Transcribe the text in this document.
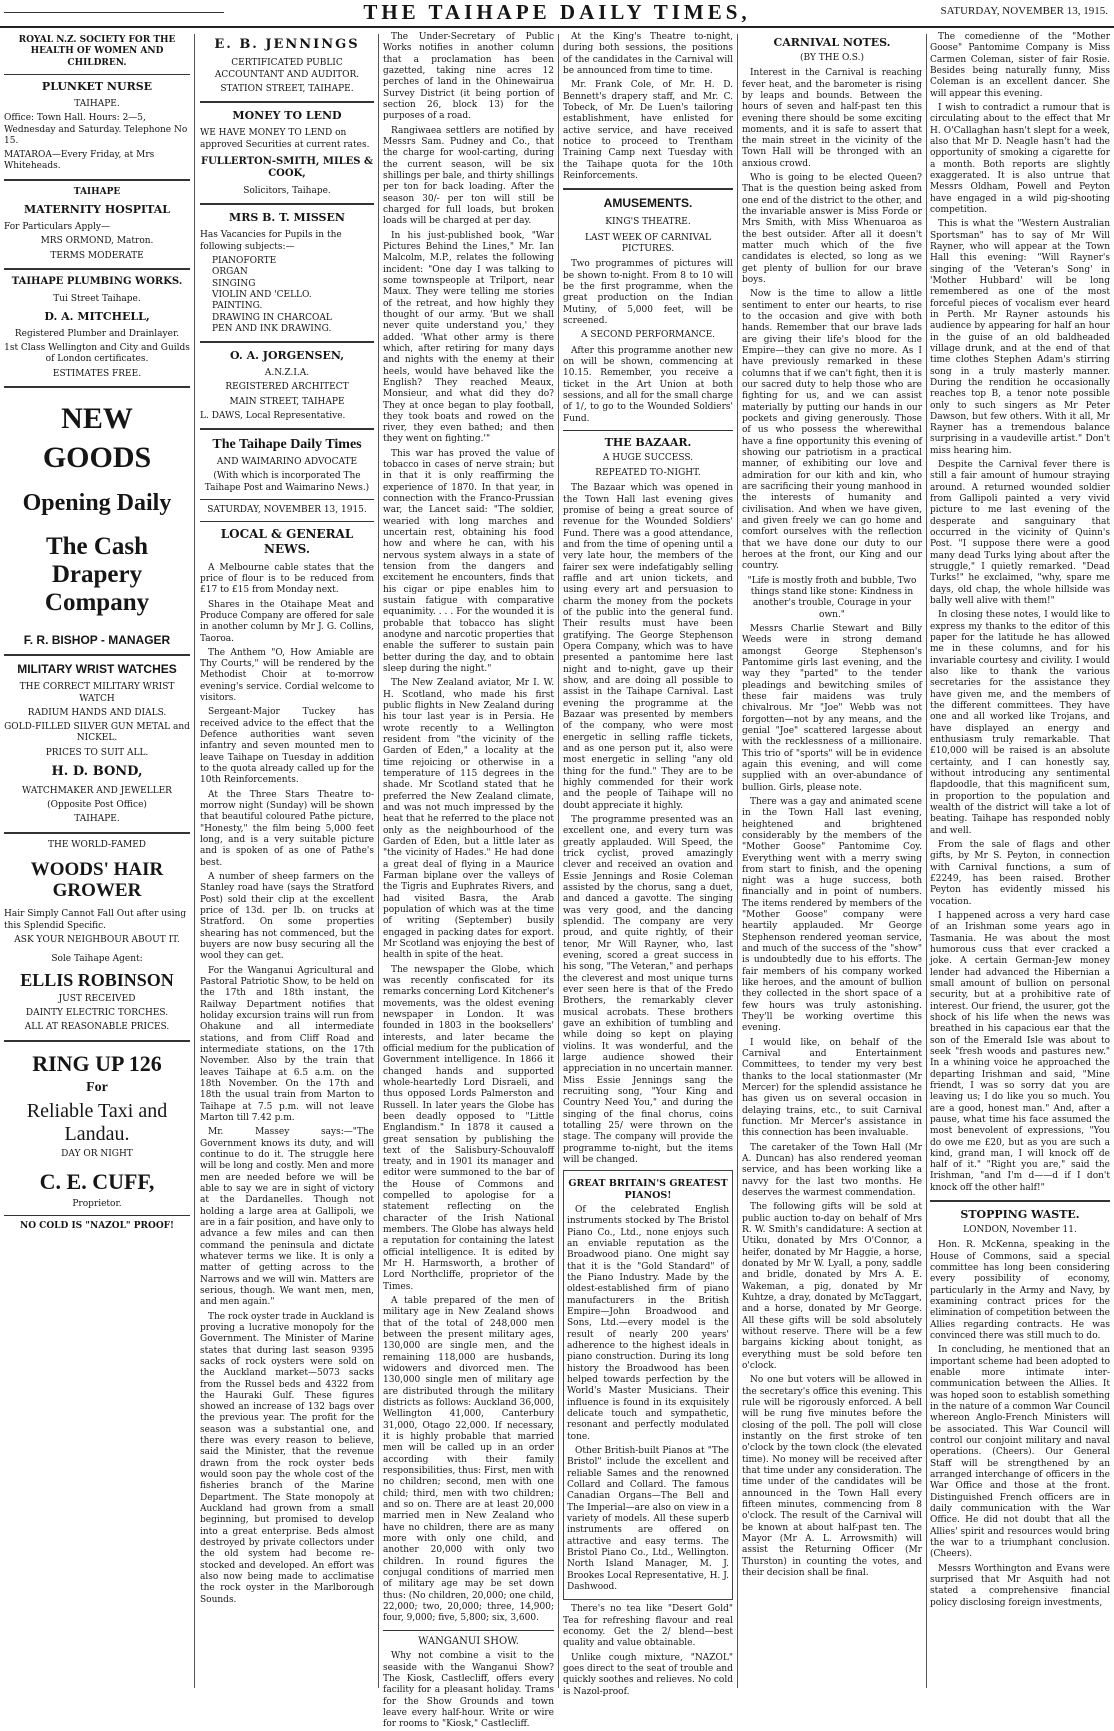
THE TAIHAPE DAILY TIMES,	SATURDAY, NOVEMBER 13, 1915.
ROYAL N.Z. SOCIETY FOR THE HEALTH OF WOMEN AND CHILDREN.
PLUNKET NURSE
TAIHAPE.

Office: Town Hall. Hours: 2—5, Wednesday and Saturday. Telephone No 15.

MATAROA—Every Friday, at Mrs Whiteheads.

TAIHAPE
MATERNITY HOSPITAL

For Particulars Apply—

MRS ORMOND, Matron.
TERMS MODERATE
TAIHAPE PLUMBING WORKS.
Tui Street Taihape.
D. A. MITCHELL,
Registered Plumber and Drainlayer.
1st Class Wellington and City and Guilds of London certificates.
ESTIMATES FREE.
NEW
GOODS
Opening Daily
The Cash Drapery Company
F. R. BISHOP - MANAGER
MILITARY WRIST WATCHES
THE CORRECT MILITARY WRIST WATCH
RADIUM HANDS AND DIALS.
GOLD-FILLED SILVER GUN METAL and NICKEL.
PRICES TO SUIT ALL.
H. D. BOND,
WATCHMAKER AND JEWELLER
(Opposite Post Office)
TAIHAPE.
THE WORLD-FAMED
WOODS' HAIR GROWER

Hair Simply Cannot Fall Out after using this Splendid Specific.

ASK YOUR NEIGHBOUR ABOUT IT.
Sole Taihape Agent:
ELLIS ROBINSON
JUST RECEIVED
DAINTY ELECTRIC TORCHES.
ALL AT REASONABLE PRICES.
RING UP 126
For
Reliable Taxi and Landau.
DAY OR NIGHT
C. E. CUFF,
Proprietor.
NO COLD IS "NAZOL" PROOF!
E. B. JENNINGS
CERTIFICATED PUBLIC ACCOUNTANT AND AUDITOR.
STATION STREET, TAIHAPE.
MONEY TO LEND

WE HAVE MONEY TO LEND on approved Securities at current rates.

FULLERTON-SMITH, MILES & COOK,
Solicitors, Taihape.
MRS B. T. MISSEN

Has Vacancies for Pupils in the following subjects:—

PIANOFORTE
ORGAN
SINGING
VIOLIN AND 'CELLO.
PAINTING.
DRAWING IN CHARCOAL
PEN AND INK DRAWING.
O. A. JORGENSEN,
A.N.Z.I.A.
REGISTERED ARCHITECT
MAIN STREET, TAIHAPE

L. DAWS, Local Representative.

The Taihape Daily Times
AND WAIMARINO ADVOCATE
(With which is incorporated The Taihape Post and Waimarino News.)
SATURDAY, NOVEMBER 13, 1915.
LOCAL & GENERAL NEWS.

A Melbourne cable states that the price of flour is to be reduced from £17 to £15 from Monday next.

Shares in the Otaihape Meat and Produce Company are offered for sale in another column by Mr J. G. Collins, Taoroa.

The Anthem "O, How Amiable are Thy Courts," will be rendered by the Methodist Choir at to-morrow evening's service. Cordial welcome to visitors.

Sergeant-Major Tuckey has received advice to the effect that the Defence authorities want seven infantry and seven mounted men to leave Taihape on Tuesday in addition to the quota already called up for the 10th Reinforcements.

At the Three Stars Theatre to-morrow night (Sunday) will be shown that beautiful coloured Pathe picture, "Honesty," the film being 5,000 feet long, and is a very suitable picture and is spoken of as one of Pathe's best.

A number of sheep farmers on the Stanley road have (says the Stratford Post) sold their clip at the excellent price of 13d. per lb. on trucks at Stratford. On some properties shearing has not commenced, but the buyers are now busy securing all the wool they can get.

For the Wanganui Agricultural and Pastoral Patriotic Show, to be held on the 17th and 18th instant, the Railway Department notifies that holiday excursion trains will run from Ohakune and all intermediate stations, and from Cliff Road and intermediate stations, on the 17th November. Also by the train that leaves Taihape at 6.5 a.m. on the 18th November. On the 17th and 18th the usual train from Marton to Taihape at 7.5 p.m. will not leave Marton till 7.42 p.m.

Mr. Massey says:—"The Government knows its duty, and will continue to do it. The struggle here will be long and costly. Men and more men are needed before we will be able to say we are in sight of victory at the Dardanelles. Though not holding a large area at Gallipoli, we are in a fair position, and have only to advance a few miles and can then command the peninsula and dictate whatever terms we like. It is only a matter of getting across to the Narrows and we will win. Matters are serious, though. We want men, men, and men again."

The rock oyster trade in Auckland is proving a lucrative monopoly for the Government. The Minister of Marine states that during last season 9395 sacks of rock oysters were sold on the Auckland market—5073 sacks from the Russel beds and 4322 from the Hauraki Gulf. These figures showed an increase of 132 bags over the previous year. The profit for the season was a substantial one, and there was every reason to believe, said the Minister, that the revenue drawn from the rock oyster beds would soon pay the whole cost of the fisheries branch of the Marine Department. The State monopoly at Auckland had grown from a small beginning, but promised to develop into a great enterprise. Beds almost destroyed by private collectors under the old system had become re-stocked and developed. An effort was also now being made to acclimatise the rock oyster in the Marlborough Sounds.

The Under-Secretary of Public Works notifies in another column that a proclamation has been gazetted, taking nine acres 12 perches of land in the Ohinewairua Survey District (it being portion of section 26, block 13) for the purposes of a road.

Rangiwaea settlers are notified by Messrs Sam. Pudney and Co., that the charge for wool-carting, during the current season, will be six shillings per bale, and thirty shillings per ton for back loading. After the season 30/- per ton will still be charged for full loads, but broken loads will be charged at per day.

In his just-published book, "War Pictures Behind the Lines," Mr. Ian Malcolm, M.P., relates the following incident: "One day I was talking to some townspeople at Trilport, near Maux. They were telling me stories of the retreat, and how highly they thought of our army. 'But we shall never quite understand you,' they added. 'What other army is there which, after retiring for many days and nights with the enemy at their heels, would have behaved like the English? They reached Meaux, Monsieur, and what did they do? They at once began to play football, they took boats and rowed on the river, they even bathed; and then they went on fighting.'"

This war has proved the value of tobacco in cases of nerve strain; but in that it is only reaffirming the experience of 1870. In that year, in connection with the Franco-Prussian war, the Lancet said: "The soldier, wearied with long marches and uncertain rest, obtaining his food how and where he can, with his nervous system always in a state of tension from the dangers and excitement he encounters, finds that his cigar or pipe enables him to sustain fatigue with comparative equanimity. . . . For the wounded it is probable that tobacco has slight anodyne and narcotic properties that enable the sufferer to sustain pain better during the day, and to obtain sleep during the night."

The New Zealand aviator, Mr I. W. H. Scotland, who made his first public flights in New Zealand during his tour last year is in Persia. He wrote recently to a Wellington resident from "the vicinity of the Garden of Eden," a locality at the time rejoicing or otherwise in a temperature of 115 degrees in the shade. Mr Scotland stated that he preferred the New Zealand climate, and was not much impressed by the heat that he referred to the place not only as the neighbourhood of the Garden of Eden, but a little later as "the vicinity of Hades." He had done a great deal of flying in a Maurice Farman biplane over the valleys of the Tigris and Euphrates Rivers, and had visited Basra, the Arab population of which was at the time of writing (September) busily engaged in packing dates for export. Mr Scotland was enjoying the best of health in spite of the heat.

The newspaper the Globe, which was recently confiscated for its remarks concerning Lord Kitchener's movements, was the oldest evening newspaper in London. It was founded in 1803 in the booksellers' interests, and later became the official medium for the publication of Government intelligence. In 1866 it changed hands and supported whole-heartedly Lord Disraeli, and thus opposed Lords Palmerston and Russell. In later years the Globe has been deadly opposed to "Little Englandism." In 1878 it caused a great sensation by publishing the text of the Salisbury-Schouvaloff treaty, and in 1901 its manager and editor were summoned to the bar of the House of Commons and compelled to apologise for a statement reflecting on the character of the Irish National members. The Globe has always held a reputation for containing the latest official intelligence. It is edited by Mr H. Harmsworth, a brother of Lord Northcliffe, proprietor of the Times.

A table prepared of the men of military age in New Zealand shows that of the total of 248,000 men between the present military ages, 130,000 are single men, and the remaining 118,000 are husbands, widowers and divorced men. The 130,000 single men of military age are distributed through the military districts as follows: Auckland 36,000, Wellington 41,000, Canterbury 31,000, Otago 22,000. If necessary, it is highly probable that married men will be called up in an order according with their family responsibilities, thus: First, men with no children; second, men with one child; third, men with two children; and so on. There are at least 20,000 married men in New Zealand who have no children, there are as many more with only one child, and another 20,000 with only two children. In round figures the conjugal conditions of married men of military age may be set down thus: (No children, 20,000; one child, 22,000; two, 20,000; three, 14,900; four, 9,000; five, 5,800; six, 3,600.

WANGANUI SHOW.

Why not combine a visit to the seaside with the Wanganui Show? The Kiosk, Castlecliff, offers every facility for a pleasant holiday. Trams for the Show Grounds and town leave every half-hour. Write or wire for rooms to "Kiosk," Castlecliff.

At the King's Theatre to-night, during both sessions, the positions of the candidates in the Carnival will be announced from time to time.

Mr. Frank Cole, of Mr. H. D. Bennett's drapery staff, and Mr. C. Tobeck, of Mr. De Luen's tailoring establishment, have enlisted for active service, and have received notice to proceed to Trentham Training Camp next Tuesday with the Taihape quota for the 10th Reinforcements.

AMUSEMENTS.
KING'S THEATRE.
LAST WEEK OF CARNIVAL PICTURES.

Two programmes of pictures will be shown to-night. From 8 to 10 will be the first programme, when the great production on the Indian Mutiny, of 5,000 feet, will be screened.

A SECOND PERFORMANCE.

After this programme another new on will be shown, commencing at 10.15. Remember, you receive a ticket in the Art Union at both sessions, and all for the small charge of 1/, to go to the Wounded Soldiers' Fund.

THE BAZAAR.
A HUGE SUCCESS.
REPEATED TO-NIGHT.

The Bazaar which was opened in the Town Hall last evening gives promise of being a great source of revenue for the Wounded Soldiers' Fund. There was a good attendance, and from the time of opening until a very late hour, the members of the fairer sex were indefatigably selling raffle and art union tickets, and using every art and persuasion to charm the money from the pockets of the public into the general fund. Their results must have been gratifying. The George Stephenson Opera Company, which was to have presented a pantomime here last night and to-night, gave up their show, and are doing all possible to assist in the Taihape Carnival. Last evening the programme at the Bazaar was presented by members of the company, who were most energetic in selling raffle tickets, and as one person put it, also were most energetic in selling "any old thing for the fund." They are to be highly commended for their work and the people of Taihape will no doubt appreciate it highly.

The programme presented was an excellent one, and every turn was greatly applauded. Will Speed, the trick cyclist, proved amazingly clever and received an ovation and Essie Jennings and Rosie Coleman assisted by the chorus, sang a duet, and danced a gavotte. The singing was very good, and the dancing splendid. The company are very proud, and quite rightly, of their tenor, Mr Will Rayner, who, last evening, scored a great success in his song, "The Veteran," and perhaps the cleverest and most unique turns ever seen here is that of the Fredo Brothers, the remarkably clever musical acrobats. These brothers gave an exhibition of tumbling and while doing so kept on playing violins. It was wonderful, and the large audience showed their appreciation in no uncertain manner. Miss Essie Jennings sang the recruiting song, "Your King and Country Need You," and during the singing of the final chorus, coins totalling 25/ were thrown on the stage. The company will provide the programme to-night, but the items will be changed.

GREAT BRITAIN'S GREATEST PIANOS!

Of the celebrated English instruments stocked by The Bristol Piano Co., Ltd., none enjoys such an enviable reputation as the Broadwood piano. One might say that it is the "Gold Standard" of the Piano Industry. Made by the oldest-established firm of piano manufacturers in the British Empire—John Broadwood and Sons, Ltd.—every model is the result of nearly 200 years' adherence to the highest ideals in piano construction. During its long history the Broadwood has been helped towards perfection by the World's Master Musicians. Their influence is found in its exquisitely delicate touch and sympathetic, resonant and perfectly modulated tone.

Other British-built Pianos at "The Bristol" include the excellent and reliable Sames and the renowned Collard and Collard. The famous Canadian Organs—The Bell and The Imperial—are also on view in a variety of models. All these superb instruments are offered on attractive and easy terms. The Bristol Piano Co., Ltd., Wellington. North Island Manager, M. J. Brookes Local Representative, H. J. Dashwood.

There's no tea like "Desert Gold" Tea for refreshing flavour and real economy. Get the 2/ blend—best quality and value obtainable.

Unlike cough mixture, "NAZOL" goes direct to the seat of trouble and quickly soothes and relieves. No cold is Nazol-proof.

CARNIVAL NOTES.
(BY THE O.S.)

Interest in the Carnival is reaching fever heat, and the barometer is rising by leaps and bounds. Between the hours of seven and half-past ten this evening there should be some exciting moments, and it is safe to assert that the main street in the vicinity of the Town Hall will be thronged with an anxious crowd.

Who is going to be elected Queen? That is the question being asked from one end of the district to the other, and the invariable answer is Miss Forde or Mrs Smith, with Miss Whenuaroa as the best outsider. After all it doesn't matter much which of the five candidates is elected, so long as we get plenty of bullion for our brave boys.

Now is the time to allow a little sentiment to enter our hearts, to rise to the occasion and give with both hands. Remember that our brave lads are giving their life's blood for the Empire—they can give no more. As I have previously remarked in these columns that if we can't fight, then it is our sacred duty to help those who are fighting for us, and we can assist materially by putting our hands in our pockets and giving generously. Those of us who possess the wherewithal have a fine opportunity this evening of showing our patriotism in a practical manner, of exhibiting our love and admiration for our kith and kin, who are sacrificing their young manhood in the interests of humanity and civilisation. And when we have given, and given freely we can go home and comfort ourselves with the reflection that we have done our duty to our heroes at the front, our King and our country.

"Life is mostly froth and bubble, Two things stand like stone: Kindness in another's trouble, Courage in your own."

Messrs Charlie Stewart and Billy Weeds were in strong demand amongst George Stephenson's Pantomime girls last evening, and the way they "parted" to the tender pleadings and bewitching smiles of these fair maidens was truly chivalrous. Mr "Joe" Webb was not forgotten—not by any means, and the genial "Joe" scattered largesse about with the recklessness of a millionaire. This trio of "sports" will be in evidence again this evening, and will come supplied with an over-abundance of bullion. Girls, please note.

There was a gay and animated scene in the Town Hall last evening, heightened and brightened considerably by the members of the "Mother Goose" Pantomime Coy. Everything went with a merry swing from start to finish, and the opening night was a huge success, both financially and in point of numbers. The items rendered by members of the "Mother Goose" company were heartily applauded. Mr George Stephenson rendered yeoman service, and much of the success of the "show" is undoubtedly due to his efforts. The fair members of his company worked like heroes, and the amount of bullion they collected in the short space of a few hours was truly astonishing. They'll be working overtime this evening.

I would like, on behalf of the Carnival and Entertainment Committees, to tender my very best thanks to the local stationmaster (Mr Mercer) for the splendid assistance he has given us on several occasion in delaying trains, etc., to suit Carnival function. Mr Mercer's assistance in this connection has been invaluable.

The caretaker of the Town Hall (Mr A. Duncan) has also rendered yeoman service, and has been working like a navvy for the last two months. He deserves the warmest commendation.

The following gifts will be sold at public auction to-day on behalf of Mrs R. W. Smith's candidature: A section at Utiku, donated by Mrs O'Connor, a heifer, donated by Mr Haggie, a horse, donated by Mr W. Lyall, a pony, saddle and bridle, donated by Mrs A. E. Wakeman, a pig, donated by Mr Kuhtze, a dray, donated by McTaggart, and a horse, donated by Mr George. All these gifts will be sold absolutely without reserve. There will be a few bargains kicking about tonight, as everything must be sold before ten o'clock.

No one but voters will be allowed in the secretary's office this evening. This rule will be rigorously enforced. A bell will be rung five minutes before the closing of the poll. The poll will close instantly on the first stroke of ten o'clock by the town clock (the elevated time). No money will be received after that time under any consideration. The time under of the candidates will be announced in the Town Hall every fifteen minutes, commencing from 8 o'clock. The result of the Carnival will be known at about half-past ten. The Mayor (Mr A. L. Arrowsmith) will assist the Returning Officer (Mr Thurston) in counting the votes, and their decision shall be final.

The comedienne of the "Mother Goose" Pantomime Company is Miss Carmen Coleman, sister of fair Rosie. Besides being naturally funny, Miss Coleman is an excellent dancer. She will appear this evening.

I wish to contradict a rumour that is circulating about to the effect that Mr H. O'Callaghan hasn't slept for a week, also that Mr D. Neagle hasn't had the opportunity of smoking a cigarette for a month. Both reports are slightly exaggerated. It is also untrue that Messrs Oldham, Powell and Peyton have engaged in a wild pig-shooting competition.

This is what the "Western Australian Sportsman" has to say of Mr Will Rayner, who will appear at the Town Hall this evening: "Will Rayner's singing of the 'Veteran's Song' in 'Mother Hubbard' will be long remembered as one of the most forceful pieces of vocalism ever heard in Perth. Mr Rayner astounds his audience by appearing for half an hour in the guise of an old baldheaded village drunk, and at the end of that time clothes Stephen Adam's stirring song in a truly masterly manner. During the rendition he occasionally reaches top B, a tenor note possible only to such singers as Mr Peter Dawson, but few others. With it all, Mr Rayner has a tremendous balance surprising in a vaudeville artist." Don't miss hearing him.

Despite the Carnival fever there is still a fair amount of humour straying around. A returned wounded soldier from Gallipoli painted a very vivid picture to me last evening of the desperate and sanguinary that occurred in the vicinity of Quinn's Post. "I suppose there were a good many dead Turks lying about after the struggle," I quietly remarked. "Dead Turks!" he exclaimed, "why, spare me days, old chap, the whole hillside was bally well alive with them!"

In closing these notes, I would like to express my thanks to the editor of this paper for the latitude he has allowed me in these columns, and for his invariable courtesy and civility. I would also like to thank the various secretaries for the assistance they have given me, and the members of the different committees. They have one and all worked like Trojans, and have displayed an energy and enthusiasm truly remarkable. That £10,000 will be raised is an absolute certainty, and I can honestly say, without introducing any sentimental flapdoodle, that this magnificent sum, in proportion to the population and wealth of the district will take a lot of beating. Taihape has responded nobly and well.

From the sale of flags and other gifts, by Mr S. Peyton, in connection with Carnival functions, a sum of £2249, has been raised. Brother Peyton has evidently missed his vocation.

I happened across a very hard case of an Irishman some years ago in Tasmania. He was about the most humorous cuss that ever cracked a joke. A certain German-Jew money lender had advanced the Hibernian a small amount of bullion on personal security, but at a prohibitive rate of interest. Our friend, the usurer, got the shock of his life when the news was breathed in his capacious ear that the son of the Emerald Isle was about to seek "fresh woods and pastures new." In a whining voice he approached the departing Irishman and said, "Mine friendt, I was so sorry dat you are leaving us; I do like you so much. You are a good, honest man." And, after a pause, what time his face assumed the most benevolent of expressions, "You do owe me £20, but as you are such a kind, grand man, I will knock off de half of it." "Right you are," said the Irishman, "and I'm d——d if I don't knock off the other half!"

STOPPING WASTE.
LONDON, November 11.

Hon. R. McKenna, speaking in the House of Commons, said a special committee has long been considering every possibility of economy, particularly in the Army and Navy, by examining contract prices for the elimination of competition between the Allies regarding contracts. He was convinced there was still much to do.

In concluding, he mentioned that an important scheme had been adopted to enable more intimate inter-communication between the Allies. It was hoped soon to establish something in the nature of a common War Council whereon Anglo-French Ministers will be associated. This War Council will control our conjoint military and naval operations. (Cheers). Our General Staff will be strengthened by an arranged interchange of officers in the War Office and those at the front. Distinguished French officers are in daily communication with the War Office. He did not doubt that all the Allies' spirit and resources would bring the war to a triumphant conclusion. (Cheers).

Messrs Worthington and Evans were surprised that Mr Asquith had not stated a comprehensive financial policy disclosing foreign investments,
